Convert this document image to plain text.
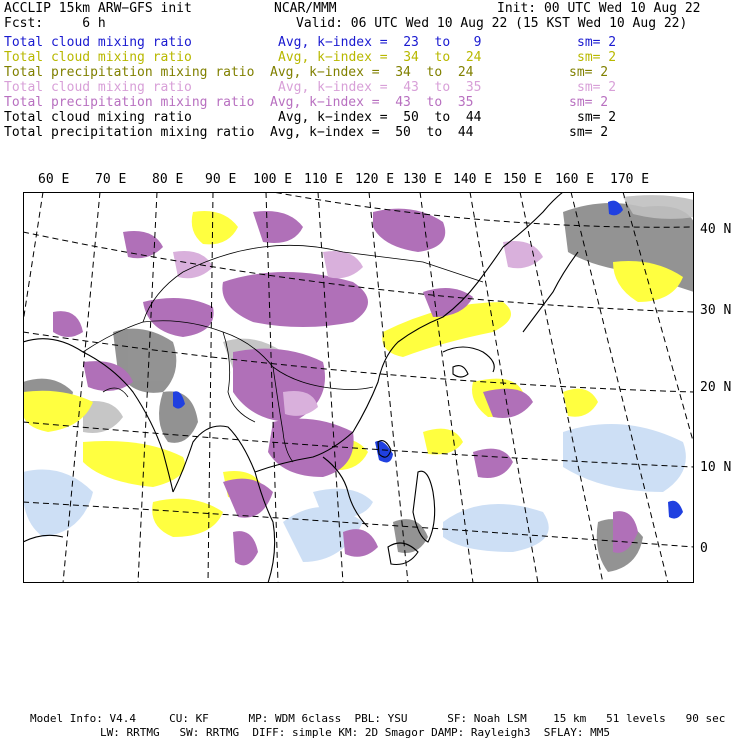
ACCLIP 15km ARW−GFS init	NCAR/MMM	Init: 00 UTC Wed 10 Aug 22
Fcst:     6 h	Valid: 06 UTC Wed 10 Aug 22 (15 KST Wed 10 Aug 22)
Total cloud mixing ratio	Avg, k−index =  23  to   9	sm= 2
Total cloud mixing ratio	Avg, k−index =  34  to  24	sm= 2
Total precipitation mixing ratio Avg, k−index =  34  to  24	sm= 2
Total cloud mixing ratio	Avg, k−index =  43  to  35	sm= 2
Total precipitation mixing ratio Avg, k−index =  43  to  35	sm= 2
Total cloud mixing ratio	Avg, k−index =  50  to  44	sm= 2
Total precipitation mixing ratio Avg, k−index =  50  to  44	sm= 2
60 E 70 E 80 E 90 E 100 E 110 E 120 E 130 E 140 E 150 E 160 E 170 E
40 N
30 N
20 N
10 N
0
Model Info: V4.4     CU: KF      MP: WDM 6class  PBL: YSU      SF: Noah LSM    15 km   51 levels   90 sec
LW: RRTMG   SW: RRTMG  DIFF: simple KM: 2D Smagor DAMP: Rayleigh3  SFLAY: MM5
